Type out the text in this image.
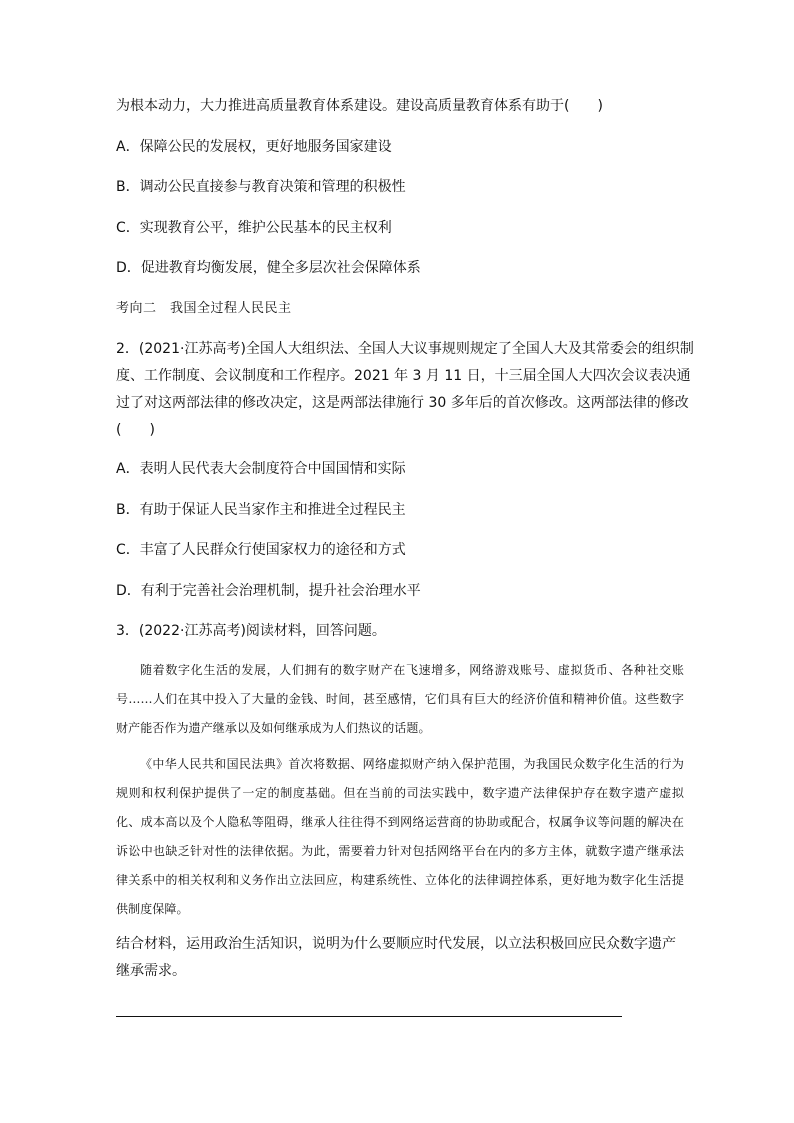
为根本动力，大力推进高质量教育体系建设。建设高质量教育体系有助于(　　)
A．保障公民的发展权，更好地服务国家建设
B．调动公民直接参与教育决策和管理的积极性
C．实现教育公平，维护公民基本的民主权利
D．促进教育均衡发展，健全多层次社会保障体系
考向二　我国全过程人民民主
2．(2021·江苏高考)全国人大组织法、全国人大议事规则规定了全国人大及其常委会的组织制
度、工作制度、会议制度和工作程序。2021 年 3 月 11 日，十三届全国人大四次会议表决通
过了对这两部法律的修改决定，这是两部法律施行 30 多年后的首次修改。这两部法律的修改
(　　)
A．表明人民代表大会制度符合中国国情和实际
B．有助于保证人民当家作主和推进全过程民主
C．丰富了人民群众行使国家权力的途径和方式
D．有利于完善社会治理机制，提升社会治理水平
3．(2022·江苏高考)阅读材料，回答问题。

随着数字化生活的发展，人们拥有的数字财产在飞速增多，网络游戏账号、虚拟货币、各种社交账号……人们在其中投入了大量的金钱、时间，甚至感情，它们具有巨大的经济价值和精神价值。这些数字财产能否作为遗产继承以及如何继承成为人们热议的话题。

《中华人民共和国民法典》首次将数据、网络虚拟财产纳入保护范围，为我国民众数字化生活的行为规则和权利保护提供了一定的制度基础。但在当前的司法实践中，数字遗产法律保护存在数字遗产虚拟化、成本高以及个人隐私等阻碍，继承人往往得不到网络运营商的协助或配合，权属争议等问题的解决在诉讼中也缺乏针对性的法律依据。为此，需要着力针对包括网络平台在内的多方主体，就数字遗产继承法律关系中的相关权利和义务作出立法回应，构建系统性、立体化的法律调控体系，更好地为数字化生活提供制度保障。

结合材料，运用政治生活知识，说明为什么要顺应时代发展，以立法积极回应民众数字遗产
继承需求。
